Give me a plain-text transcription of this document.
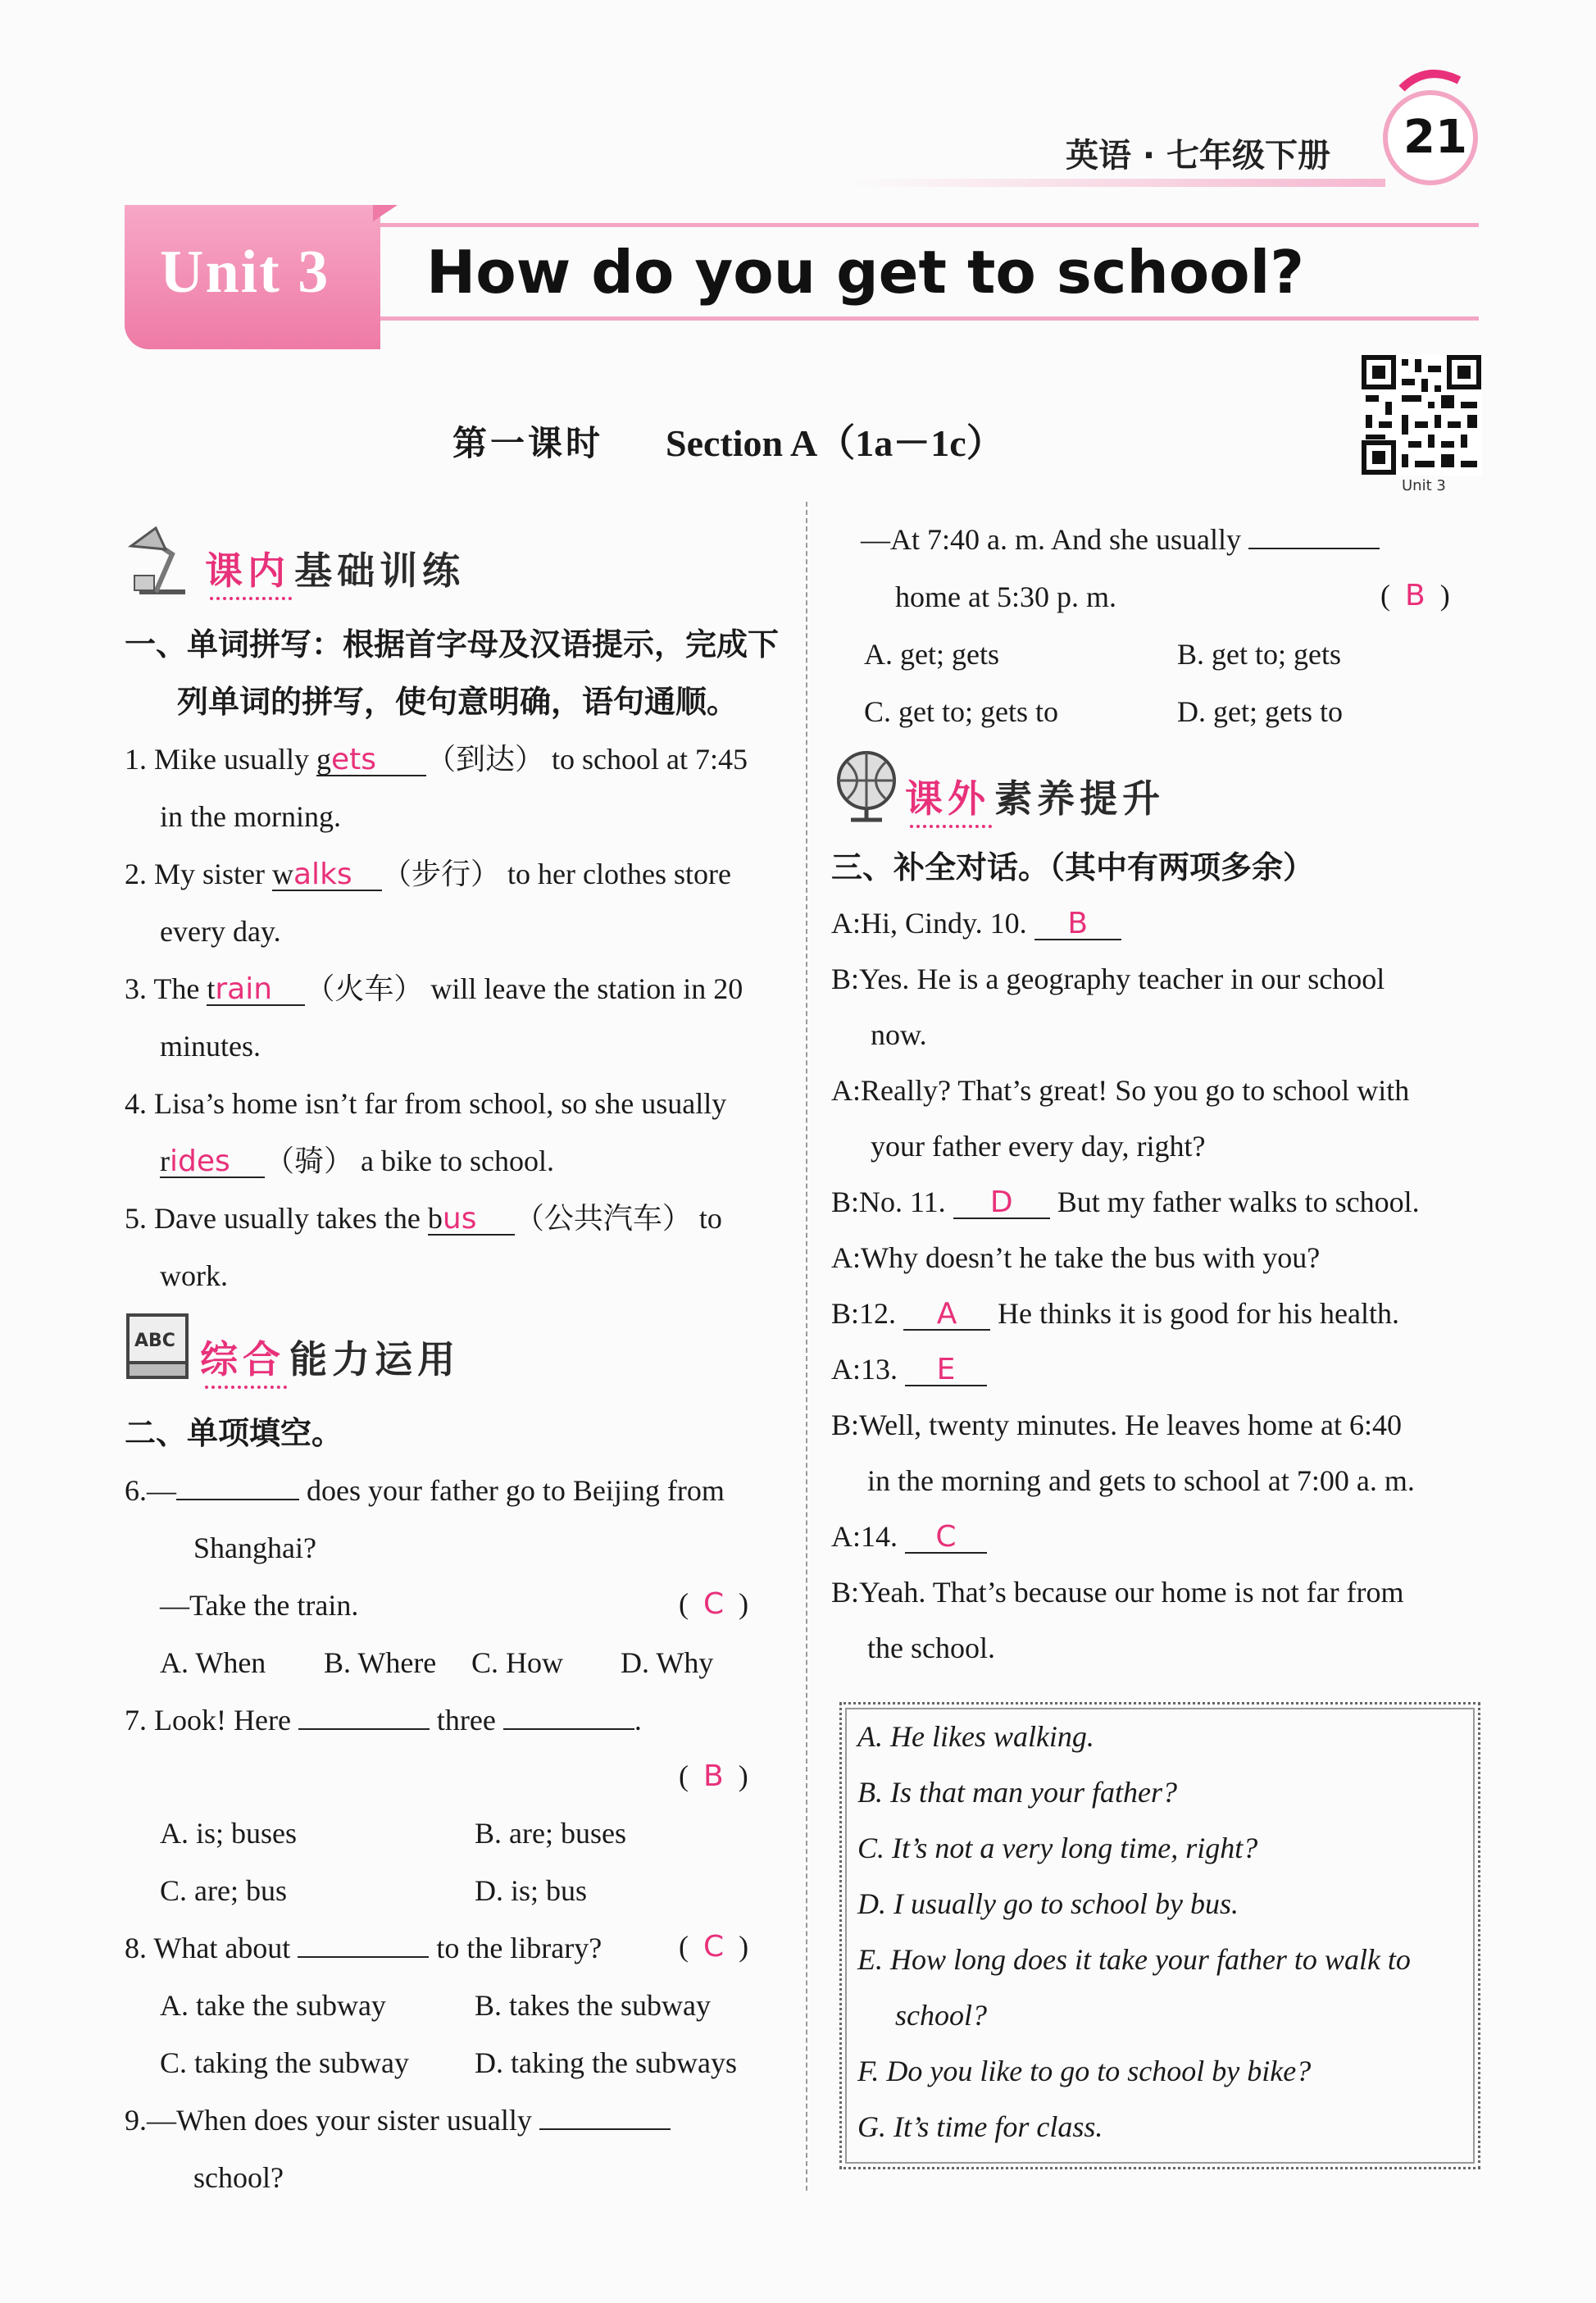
英语 · 七年级下册 21
Unit 3 How do you get to school?
Unit 3
第一课时 Section A（1a－1c）
课内 基础训练
一、单词拼写：根据首字母及汉语提示，完成下
列单词的拼写，使句意明确，语句通顺。
1. Mike usually gets （到达） to school at 7:45
in the morning.
2. My sister walks （步行） to her clothes store
every day.
3. The train （火车） will leave the station in 20
minutes.
4. Lisa’s home isn’t far from school, so she usually
rides （骑） a bike to school.
5. Dave usually takes the bus （公共汽车） to
work.
ABC 综合 能力运用
二、单项填空。
6.—	does your father go to Beijing from
Shanghai?
—Take the train.	(  C  )
A. When B. Where C. How D. Why
7. Look! Here	three	.
(  B  )
A. is; buses	B. are; buses
C. are; bus	D. is; bus
8. What about	to the library?	(  C  )
A. take the subway	B. takes the subway
C. taking the subway D. taking the subways
9.—When does your sister usually
school?
—At 7:40 a. m. And she usually
home at 5:30 p. m.	(  B  )
A. get; gets	B. get to; gets
C. get to; gets to	D. get; gets to
课外 素养提升
三、补全对话。（其中有两项多余）
A:Hi, Cindy. 10. B
B:Yes. He is a geography teacher in our school
now.
A:Really? That’s great! So you go to school with
your father every day, right?
B:No. 11. D But my father walks to school.
A:Why doesn’t he take the bus with you?
B:12. A He thinks it is good for his health.
A:13. E
B:Well, twenty minutes. He leaves home at 6:40
in the morning and gets to school at 7:00 a. m.
A:14. C
B:Yeah. That’s because our home is not far from
the school.
A. He likes walking.
B. Is that man your father?
C. It’s not a very long time, right?
D. I usually go to school by bus.
E. How long does it take your father to walk to
school?
F. Do you like to go to school by bike?
G. It’s time for class.
